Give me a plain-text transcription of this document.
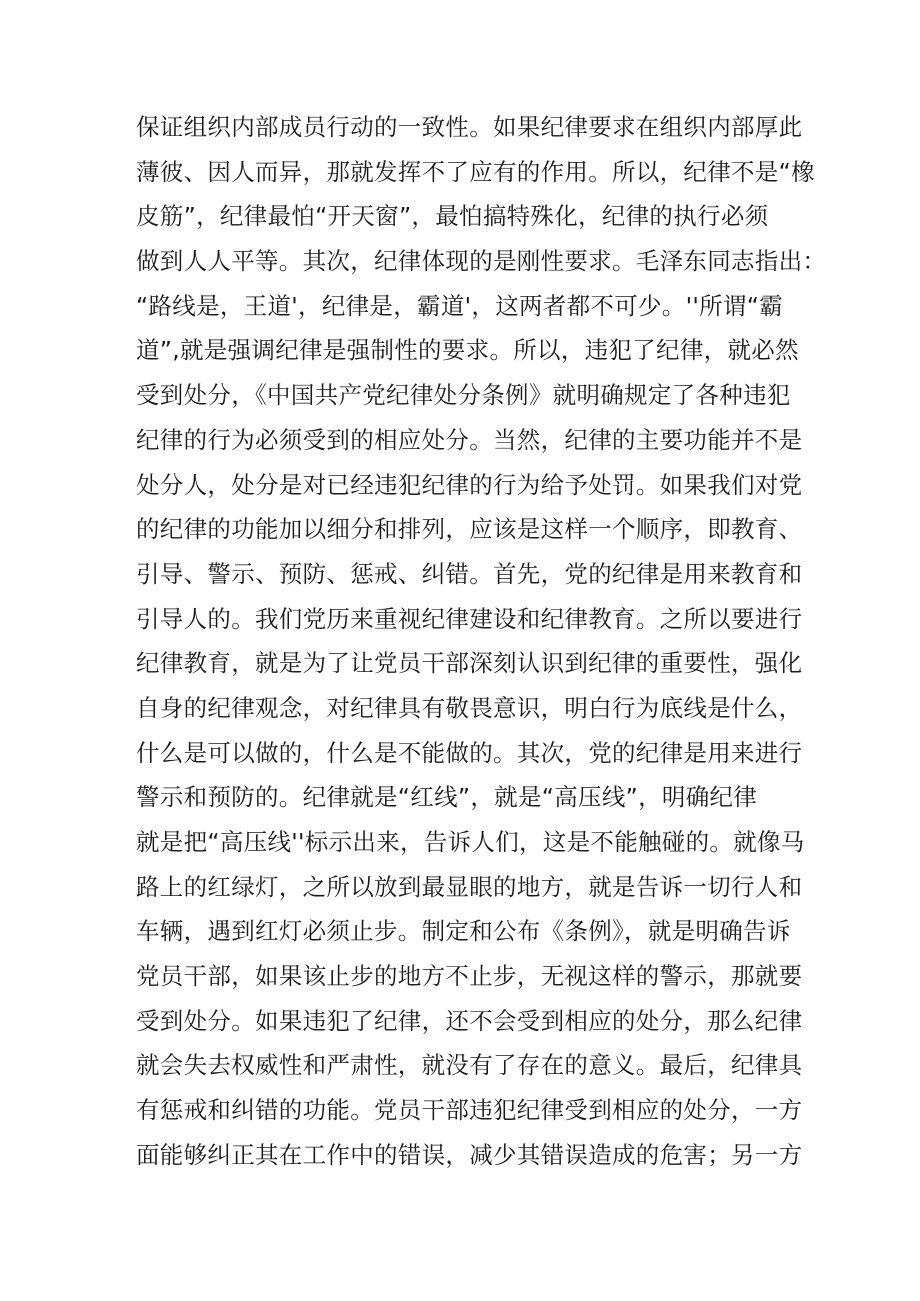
保证组织内部成员行动的一致性。如果纪律要求在组织内部厚此
薄彼、因人而异，那就发挥不了应有的作用。所以，纪律不是“橡
皮筋”，纪律最怕“开天窗”，最怕搞特殊化，纪律的执行必须
做到人人平等。其次，纪律体现的是刚性要求。毛泽东同志指出：
“路线是，王道'，纪律是，霸道'，这两者都不可少。''所谓“霸
道”,就是强调纪律是强制性的要求。所以，违犯了纪律，就必然
受到处分，《中国共产党纪律处分条例》就明确规定了各种违犯
纪律的行为必须受到的相应处分。当然，纪律的主要功能并不是
处分人，处分是对已经违犯纪律的行为给予处罚。如果我们对党
的纪律的功能加以细分和排列，应该是这样一个顺序，即教育、
引导、警示、预防、惩戒、纠错。首先，党的纪律是用来教育和
引导人的。我们党历来重视纪律建设和纪律教育。之所以要进行
纪律教育，就是为了让党员干部深刻认识到纪律的重要性，强化
自身的纪律观念，对纪律具有敬畏意识，明白行为底线是什么，
什么是可以做的，什么是不能做的。其次，党的纪律是用来进行
警示和预防的。纪律就是“红线”，就是“高压线”，明确纪律
就是把“高压线''标示出来，告诉人们，这是不能触碰的。就像马
路上的红绿灯，之所以放到最显眼的地方，就是告诉一切行人和
车辆，遇到红灯必须止步。制定和公布《条例》，就是明确告诉
党员干部，如果该止步的地方不止步，无视这样的警示，那就要
受到处分。如果违犯了纪律，还不会受到相应的处分，那么纪律
就会失去权威性和严肃性，就没有了存在的意义。最后，纪律具
有惩戒和纠错的功能。党员干部违犯纪律受到相应的处分，一方
面能够纠正其在工作中的错误，减少其错误造成的危害；另一方
